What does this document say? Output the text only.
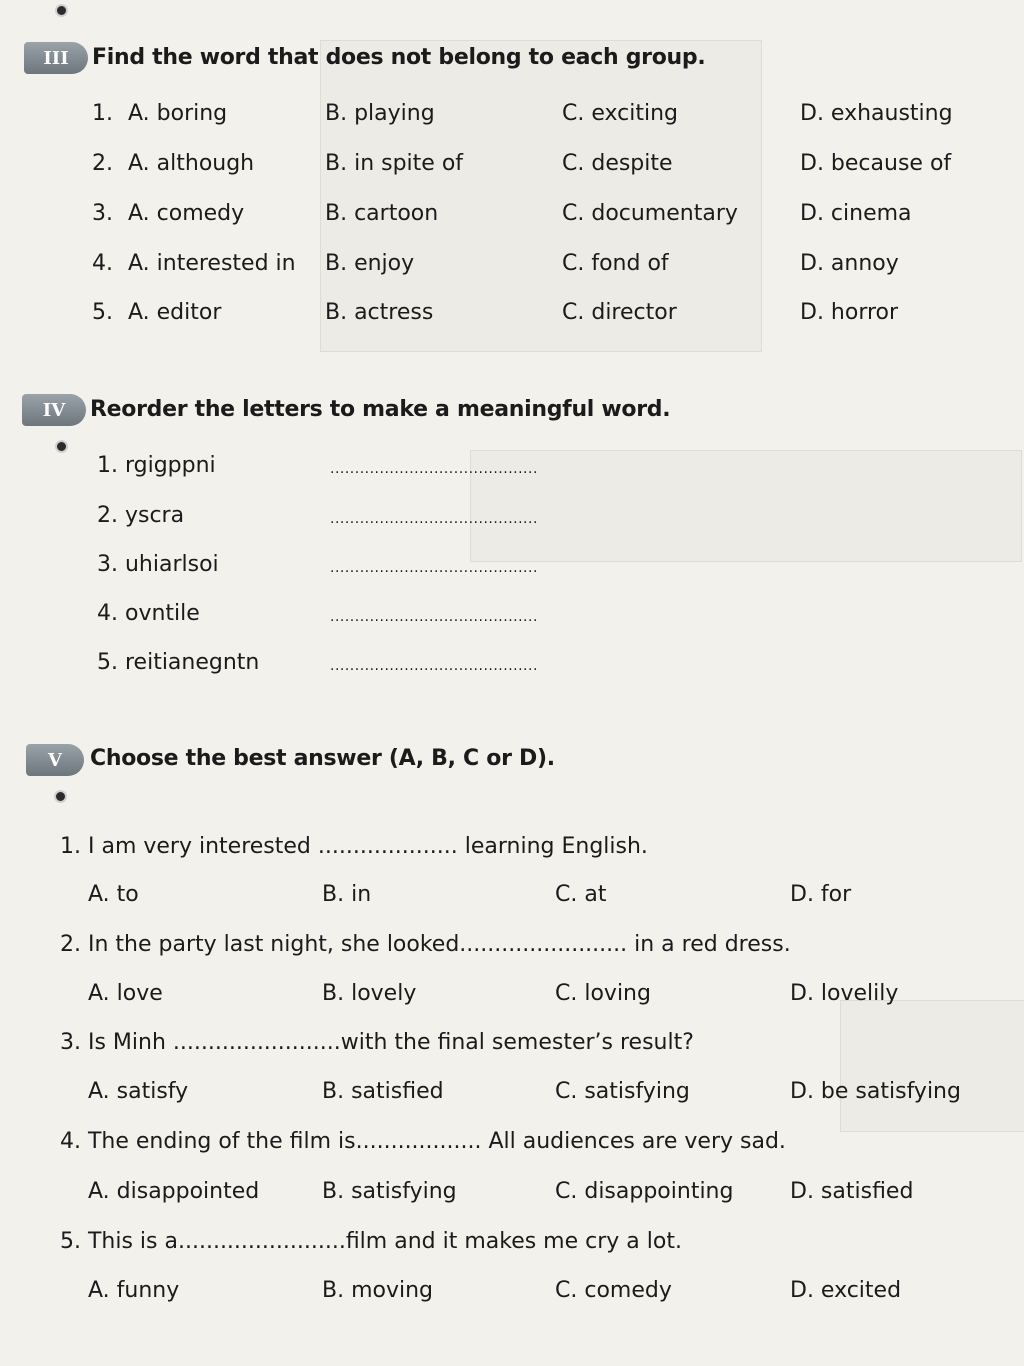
III	Find the word that does not belong to each group.
1. A. boring	B. playing	C. exciting	D. exhausting
2. A. although	B. in spite of	C. despite	D. because of
3. A. comedy	B. cartoon	C. documentary	D. cinema
4. A. interested in B. enjoy	C. fond of	D. annoy
5. A. editor	B. actress	C. director	D. horror
IV	Reorder the letters to make a meaningful word.
1. rgigppni	..........................................
2. yscra	..........................................
3. uhiarlsoi	..........................................
4. ovntile	..........................................
5. reitianegntn	..........................................
V	Choose the best answer (A, B, C or D).
1. I am very interested .................... learning English.
A. to	B. in	C. at	D. for
2. In the party last night, she looked........................ in a red dress.
A. love	B. lovely	C. loving	D. lovelily
3. Is Minh ........................with the final semester’s result?
A. satisfy	B. satisfied	C. satisfying	D. be satisfying
4. The ending of the film is.................. All audiences are very sad.
A. disappointed	B. satisfying	C. disappointing	D. satisfied
5. This is a........................film and it makes me cry a lot.
A. funny	B. moving	C. comedy	D. excited
